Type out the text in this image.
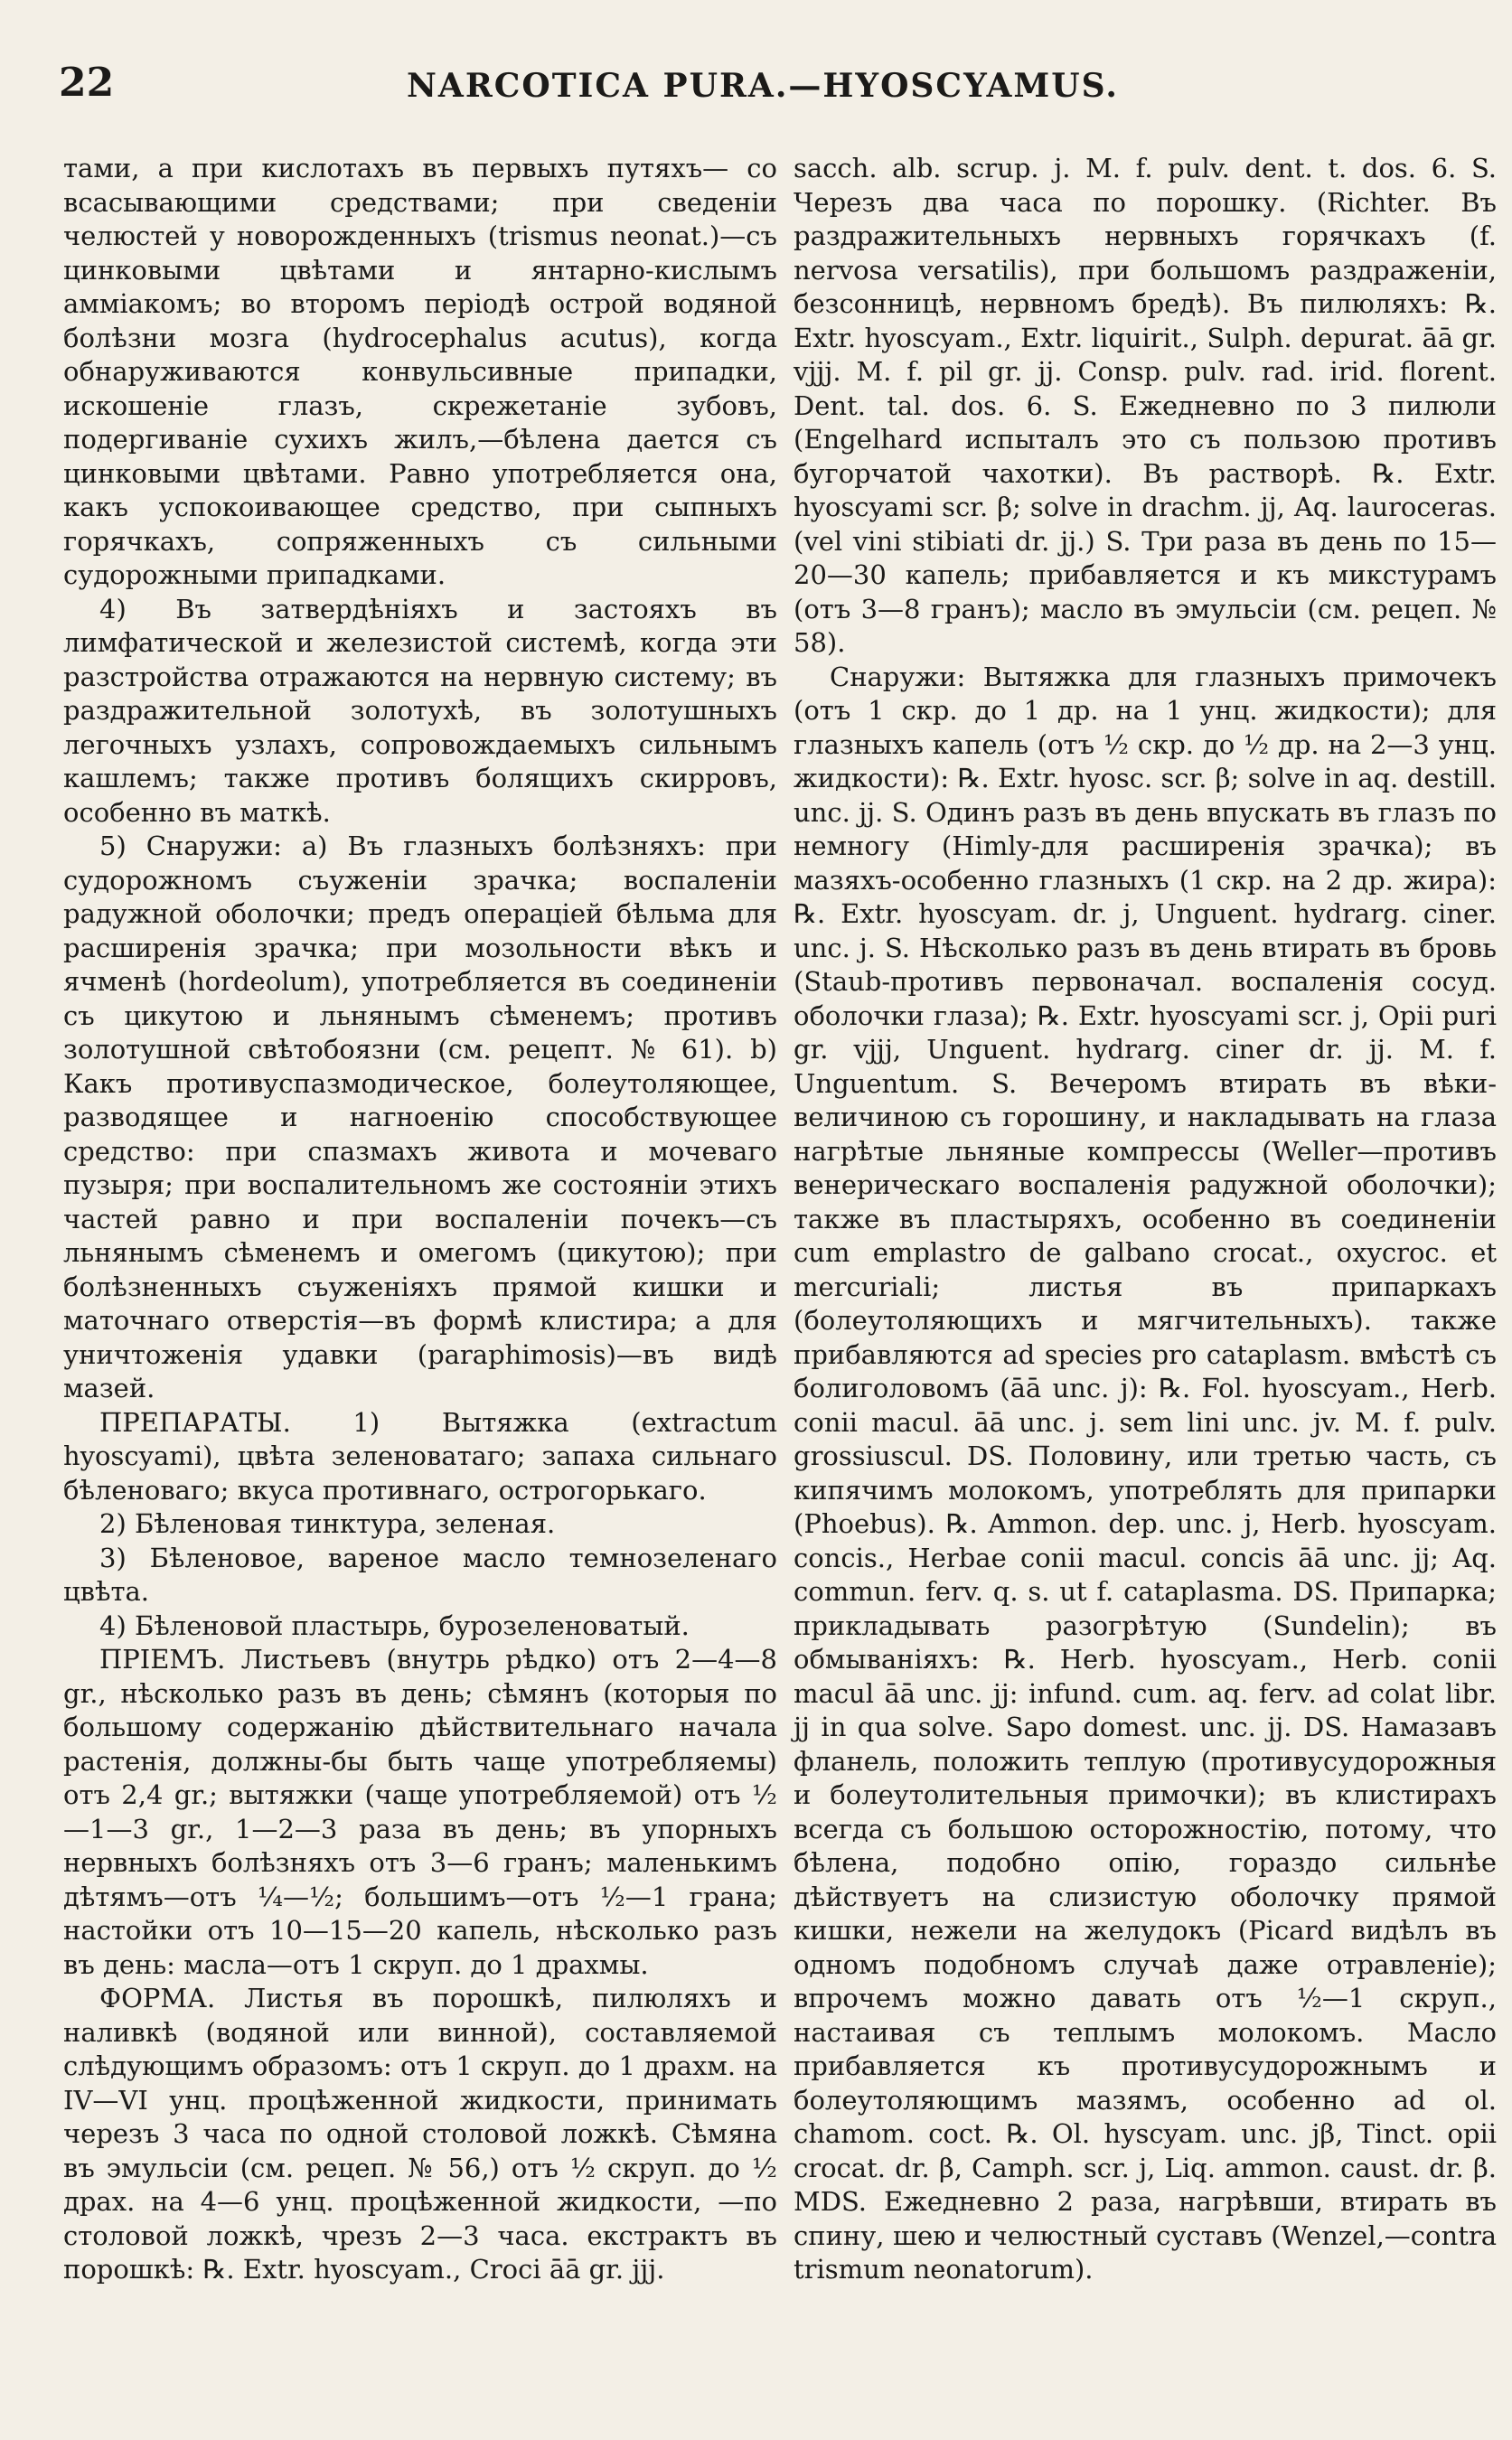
22	NARCOTICA PURA.—HYOSCYAMUS.

тами, а при кислотахъ въ первыхъ путяхъ— со всасывающими средствами; при сведенiи челюстей у новорожденныхъ (trismus neonat.)—съ цинковыми цвѣтами и янтарно-кислымъ аммiакомъ; во второмъ перiодѣ острой водяной болѣзни мозга (hydrocephalus acutus), когда обнаруживаются конвульсивные припадки, искошенiе глазъ, скрежетанiе зубовъ, подергиванiе сухихъ жилъ,—бѣлена дается съ цинковыми цвѣтами. Равно употребляется она, какъ успокоивающее средство, при сыпныхъ горячкахъ, сопряженныхъ съ сильными судорожными припадками.

4) Въ затвердѣнiяхъ и застояхъ въ лимфатической и железистой системѣ, когда эти разстройства отражаются на нервную систему; въ раздражительной золотухѣ, въ золотушныхъ легочныхъ узлахъ, сопровождаемыхъ сильнымъ кашлемъ; также противъ болящихъ скирровъ, особенно въ маткѣ.

5) Снаружи: a) Въ глазныхъ болѣзняхъ: при судорожномъ съуженiи зрачка; воспаленiи радужной оболочки; предъ операцiей бѣльма для расширенiя зрачка; при мозольности вѣкъ и ячменѣ (hordeolum), употребляется въ соединенiи съ цикутою и льнянымъ сѣменемъ; противъ золотушной свѣтобоязни (см. рецепт. № 61). b) Какъ противуспазмодическое, болеутоляющее, разводящее и нагноенiю способствующее средство: при спазмахъ живота и мочеваго пузыря; при воспалительномъ же состоянiи этихъ частей равно и при воспаленiи почекъ—съ льнянымъ сѣменемъ и омегомъ (цикутою); при болѣзненныхъ съуженiяхъ прямой кишки и маточнаго отверстiя—въ формѣ клистира; а для уничтоженiя удавки (paraphimosis)—въ видѣ мазей.

ПРЕПАРАТЫ. 1) Вытяжка (extractum hyoscyami), цвѣта зеленоватаго; запаха сильнаго бѣленоваго; вкуса противнаго, острогорькаго.

2) Бѣленовая тинктура, зеленая.

3) Бѣленовое, вареное масло темнозеленаго цвѣта.

4) Бѣленовой пластырь, бурозеленоватый.

ПРIЕМЪ. Листьевъ (внутрь рѣдко) отъ 2—4—8 gr., нѣсколько разъ въ день; сѣмянъ (которыя по большому содержанiю дѣйствительнаго начала растенiя, должны-бы быть чаще употребляемы) отъ 2,4 gr.; вытяжки (чаще употребляемой) отъ ½—1—3 gr., 1—2—3 раза въ день; въ упорныхъ нервныхъ болѣзняхъ отъ 3—6 гранъ; маленькимъ дѣтямъ—отъ ¼—½; большимъ—отъ ½—1 грана; настойки отъ 10—15—20 капель, нѣсколько разъ въ день: масла—отъ 1 скруп. до 1 драхмы.

ФОРМА. Листья въ порошкѣ, пилюляхъ и наливкѣ (водяной или винной), составляемой слѣдующимъ образомъ: отъ 1 скруп. до 1 драхм. на IV—VI унц. процѣженной жидкости, принимать черезъ 3 часа по одной столовой ложкѣ. Сѣмяна въ эмульсiи (см. рецеп. № 56,) отъ ½ скруп. до ½ драх. на 4—6 унц. процѣженной жидкости, —по столовой ложкѣ, чрезъ 2—3 часа. екстрактъ въ порошкѣ: ℞. Extr. hyoscyam., Croci āā gr. jjj.

sacch. alb. scrup. j. M. f. pulv. dent. t. dos. 6. S. Черезъ два часа по порошку. (Richter. Въ раздражительныхъ нервныхъ горячкахъ (f. nervosa versatilis), при большомъ раздраженiи, безсонницѣ, нервномъ бредѣ). Въ пилюляхъ: ℞. Extr. hyoscyam., Extr. liquirit., Sulph. depurat. āā gr. vjjj. M. f. pil gr. jj. Consp. pulv. rad. irid. florent. Dent. tal. dos. 6. S. Ежедневно по 3 пилюли (Engelhard испыталъ это съ пользою противъ бугорчатой чахотки). Въ растворѣ. ℞. Extr. hyoscyami scr. β; solve in drachm. jj, Aq. lauroceras. (vel vini stibiati dr. jj.) S. Три раза въ день по 15—20—30 капель; прибавляется и къ микстурамъ (отъ 3—8 гранъ); масло въ эмульсiи (см. рецеп. № 58).

Снаружи: Вытяжка для глазныхъ примочекъ (отъ 1 скр. до 1 др. на 1 унц. жидкости); для глазныхъ капель (отъ ½ скр. до ½ др. на 2—3 унц. жидкости): ℞. Extr. hyosc. scr. β; solve in aq. destill. unc. jj. S. Одинъ разъ въ день впускать въ глазъ по немногу (Himly-для расширенiя зрачка); въ мазяхъ-особенно глазныхъ (1 скр. на 2 др. жира): ℞. Extr. hyoscyam. dr. j, Unguent. hydrarg. ciner. unc. j. S. Нѣсколько разъ въ день втирать въ бровь (Staub-противъ первоначал. воспаленiя сосуд. оболочки глаза); ℞. Extr. hyoscyami scr. j, Opii puri gr. vjjj, Unguent. hydrarg. ciner dr. jj. M. f. Unguentum. S. Вечеромъ втирать въ вѣки-величиною съ горошину, и накладывать на глаза нагрѣтые льняные компрессы (Weller—противъ венерическаго воспаленiя радужной оболочки); также въ пластыряхъ, особенно въ соединенiи cum emplastro de galbano crocat., oxycroc. et mercuriali; листья въ припаркахъ (болеутоляющихъ и мягчительныхъ). также прибавляются ad species pro cataplasm. вмѣстѣ съ болиголовомъ (āā unc. j): ℞. Fol. hyoscyam., Herb. conii macul. āā unc. j. sem lini unc. jv. M. f. pulv. grossiuscul. DS. Половину, или третью часть, съ кипячимъ молокомъ, употреблять для припарки (Phoebus). ℞. Ammon. dep. unc. j, Herb. hyoscyam. concis., Herbae conii macul. concis āā unc. jj; Aq. commun. ferv. q. s. ut f. cataplasma. DS. Припарка; прикладывать разогрѣтую (Sundelin); въ обмыванiяхъ: ℞. Herb. hyoscyam., Herb. conii macul āā unc. jj: infund. cum. aq. ferv. ad colat libr. jj in qua solve. Sapo domest. unc. jj. DS. Намазавъ фланель, положить теплую (противусудорожныя и болеутолительныя примочки); въ клистирахъ всегда съ большою осторожностiю, потому, что бѣлена, подобно опiю, гораздо сильнѣе дѣйствуетъ на слизистую оболочку прямой кишки, нежели на желудокъ (Picard видѣлъ въ одномъ подобномъ случаѣ даже отравленiе); впрочемъ можно давать отъ ½—1 скруп., настаивая съ теплымъ молокомъ. Масло прибавляется къ противусудорожнымъ и болеутоляющимъ мазямъ, особенно ad ol. chamom. coct. ℞. Ol. hyscyam. unc. jβ, Tinct. opii crocat. dr. β, Camph. scr. j, Liq. ammon. caust. dr. β. MDS. Ежедневно 2 раза, нагрѣвши, втирать въ спину, шею и челюстный суставъ (Wenzel,—contra trismum neonatorum).
